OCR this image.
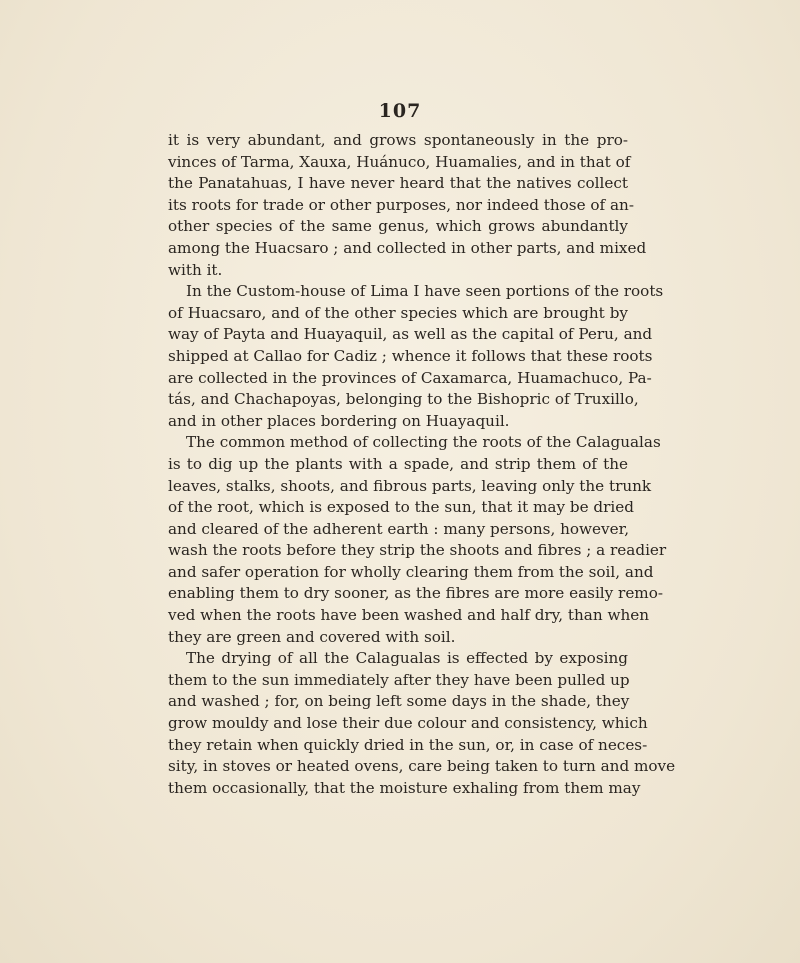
107
it is very abundant, and grows spontaneously in the pro-
vinces of Tarma, Xauxa, Huánuco, Huamalies, and in that of
the Panatahuas, I have never heard that the natives collect
its roots for trade or other purposes, nor indeed those of an-
other species of the same genus, which grows abundantly
among the Huacsaro ; and collected in other parts, and mixed
with it.
In the Custom-house of Lima I have seen portions of the roots
of Huacsaro, and of the other species which are brought by
way of Payta and Huayaquil, as well as the capital of Peru, and
shipped at Callao for Cadiz ; whence it follows that these roots
are collected in the provinces of Caxamarca, Huamachuco, Pa-
tás, and Chachapoyas, belonging to the Bishopric of Truxillo,
and in other places bordering on Huayaquil.
The common method of collecting the roots of the Calagualas
is to dig up the plants with a spade, and strip them of the
leaves, stalks, shoots, and fibrous parts, leaving only the trunk
of the root, which is exposed to the sun, that it may be dried
and cleared of the adherent earth : many persons, however,
wash the roots before they strip the shoots and fibres ; a readier
and safer operation for wholly clearing them from the soil, and
enabling them to dry sooner, as the fibres are more easily remo-
ved when the roots have been washed and half dry, than when
they are green and covered with soil.
The drying of all the Calagualas is effected by exposing
them to the sun immediately after they have been pulled up
and washed ; for, on being left some days in the shade, they
grow mouldy and lose their due colour and consistency, which
they retain when quickly dried in the sun, or, in case of neces-
sity, in stoves or heated ovens, care being taken to turn and move
them occasionally, that the moisture exhaling from them may
